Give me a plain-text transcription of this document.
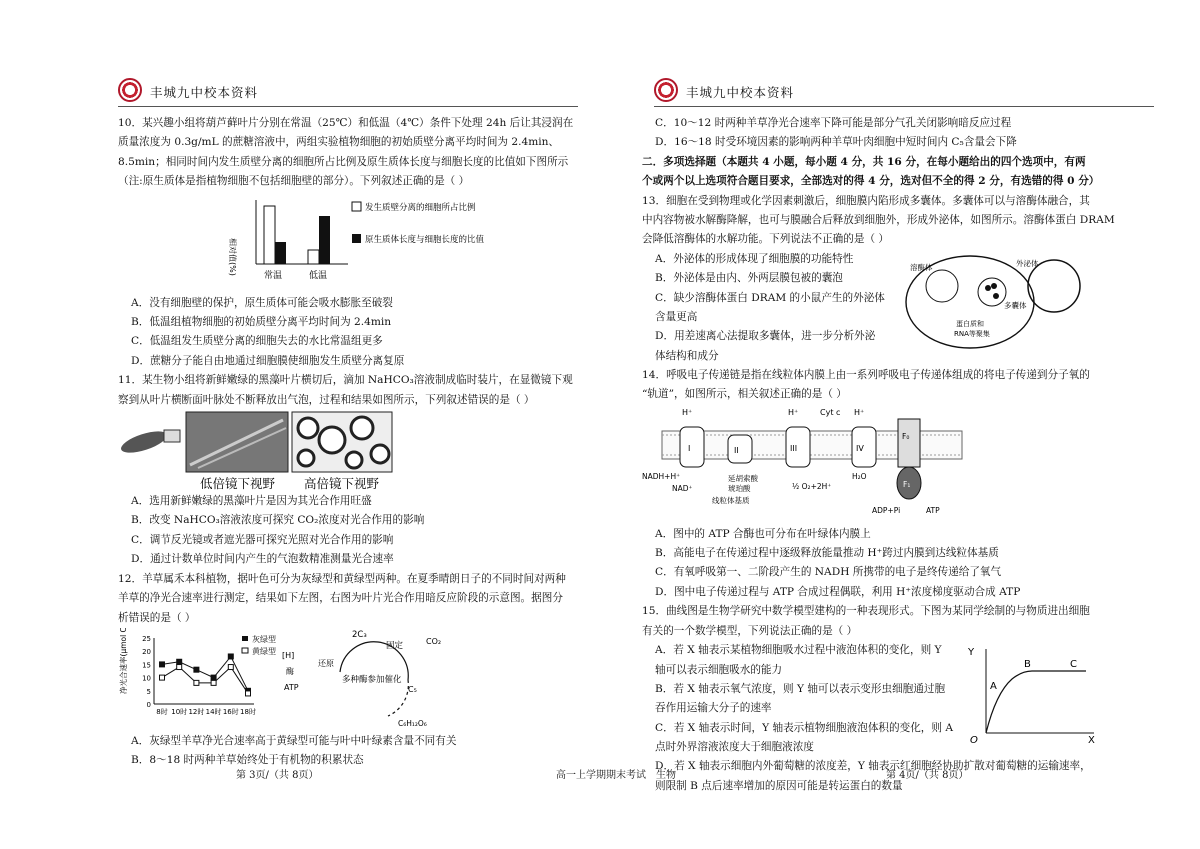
丰城九中校本资料

10．某兴趣小组将葫芦藓叶片分别在常温（25℃）和低温（4℃）条件下处理 24h 后让其浸润在

质量浓度为 0.3g/mL 的蔗糖溶液中，两组实验植物细胞的初始质壁分离平均时间为 2.4min、

8.5min；相同时间内发生质壁分离的细胞所占比例及原生质体长度与细胞长度的比值如下图所示

（注:原生质体是指植物细胞不包括细胞壁的部分）。下列叙述正确的是（ ）

相对值(%)
常温	低温
发生质壁分离的细胞所占比例
原生质体长度与细胞长度的比值

A．没有细胞壁的保护，原生质体可能会吸水膨胀至破裂

B．低温组植物细胞的初始质壁分离平均时间为 2.4min

C．低温组发生质壁分离的细胞失去的水比常温组更多

D．蔗糖分子能自由地通过细胞膜使细胞发生质壁分离复原

11．某生物小组将新鲜嫩绿的黑藻叶片横切后，滴加 NaHCO₃溶液制成临时装片，在显微镜下观

察到从叶片横断面叶脉处不断释放出气泡，过程和结果如图所示，下列叙述错误的是（ ）

低倍镜下视野 高倍镜下视野

A．选用新鲜嫩绿的黑藻叶片是因为其光合作用旺盛

B．改变 NaHCO₃溶液浓度可探究 CO₂浓度对光合作用的影响

C．调节反光镜或者遮光器可探究光照对光合作用的影响

D．通过计数单位时间内产生的气泡数精准测量光合速率

12．羊草属禾本科植物，据叶色可分为灰绿型和黄绿型两种。在夏季晴朗日子的不同时间对两种

羊草的净光合速率进行测定，结果如下左图，右图为叶片光合作用暗反应阶段的示意图。据图分

析错误的是（ ）

净光合速率(μmol CO₂·m⁻²·s⁻¹)
0
5
10
15
20
25
8时 10时 12时 14时 16时 18时
灰绿型
黄绿型
2C₃
固定	CO₂
[H]
酶
ATP
还原
多种酶参加催化
C₅
C₆H₁₂O₆

A．灰绿型羊草净光合速率高于黄绿型可能与叶中叶绿素含量不同有关

B．8～18 时两种羊草始终处于有机物的积累状态

第 3页/（共 8页）	高一上学期期末考试　生物
丰城九中校本资料

C．10～12 时两种羊草净光合速率下降可能是部分气孔关闭影响暗反应过程

D．16～18 时受环境因素的影响两种羊草叶肉细胞中短时间内 C₅含量会下降

二．多项选择题（本题共 4 小题，每小题 4 分，共 16 分，在每小题给出的四个选项中，有两

个或两个以上选项符合题目要求，全部选对的得 4 分，选对但不全的得 2 分，有选错的得 0 分）

13．细胞在受到物理或化学因素刺激后，细胞膜内陷形成多囊体。多囊体可以与溶酶体融合，其

中内容物被水解酶降解，也可与膜融合后释放到细胞外，形成外泌体，如图所示。溶酶体蛋白 DRAM

会降低溶酶体的水解功能。下列说法不正确的是（ ）

A．外泌体的形成体现了细胞膜的功能特性

B．外泌体是由内、外两层膜包被的囊泡

C．缺少溶酶体蛋白 DRAM 的小鼠产生的外泌体

含量更高

D．用差速离心法提取多囊体，进一步分析外泌

体结构和成分

溶酶体	外泌体
多囊体
蛋白质和
RNA等聚集

14．呼吸电子传递链是指在线粒体内膜上由一系列呼吸电子传递体组成的将电子传递到分子氧的

“轨道”，如图所示，相关叙述正确的是（ ）

H⁺	H⁺	Cyt c H⁺
I	II	III	IV
F₀
F₁
NADH+H⁺
NAD⁺
延胡索酸
琥珀酸	½ O₂+2H⁺
H₂O
线粒体基质
ADP+Pi	ATP

A．图中的 ATP 合酶也可分布在叶绿体内膜上

B．高能电子在传递过程中逐级释放能量推动 H⁺跨过内膜到达线粒体基质

C．有氧呼吸第一、二阶段产生的 NADH 所携带的电子是终传递给了氧气

D．图中电子传递过程与 ATP 合成过程偶联，利用 H⁺浓度梯度驱动合成 ATP

15．曲线图是生物学研究中数学模型建构的一种表现形式。下图为某同学绘制的与物质进出细胞

有关的一个数学模型，下列说法正确的是（ ）

A．若 X 轴表示某植物细胞吸水过程中液泡体积的变化，则 Y

轴可以表示细胞吸水的能力

B．若 X 轴表示氧气浓度，则 Y 轴可以表示变形虫细胞通过胞

吞作用运输大分子的速率

C．若 X 轴表示时间，Y 轴表示植物细胞液泡体积的变化，则 A

点时外界溶液浓度大于细胞液浓度

Y
X
O
A
B	C

D．若 X 轴表示细胞内外葡萄糖的浓度差，Y 轴表示红细胞经协助扩散对葡萄糖的运输速率，

则限制 B 点后速率增加的原因可能是转运蛋白的数量

第 4页/（共 8页）
